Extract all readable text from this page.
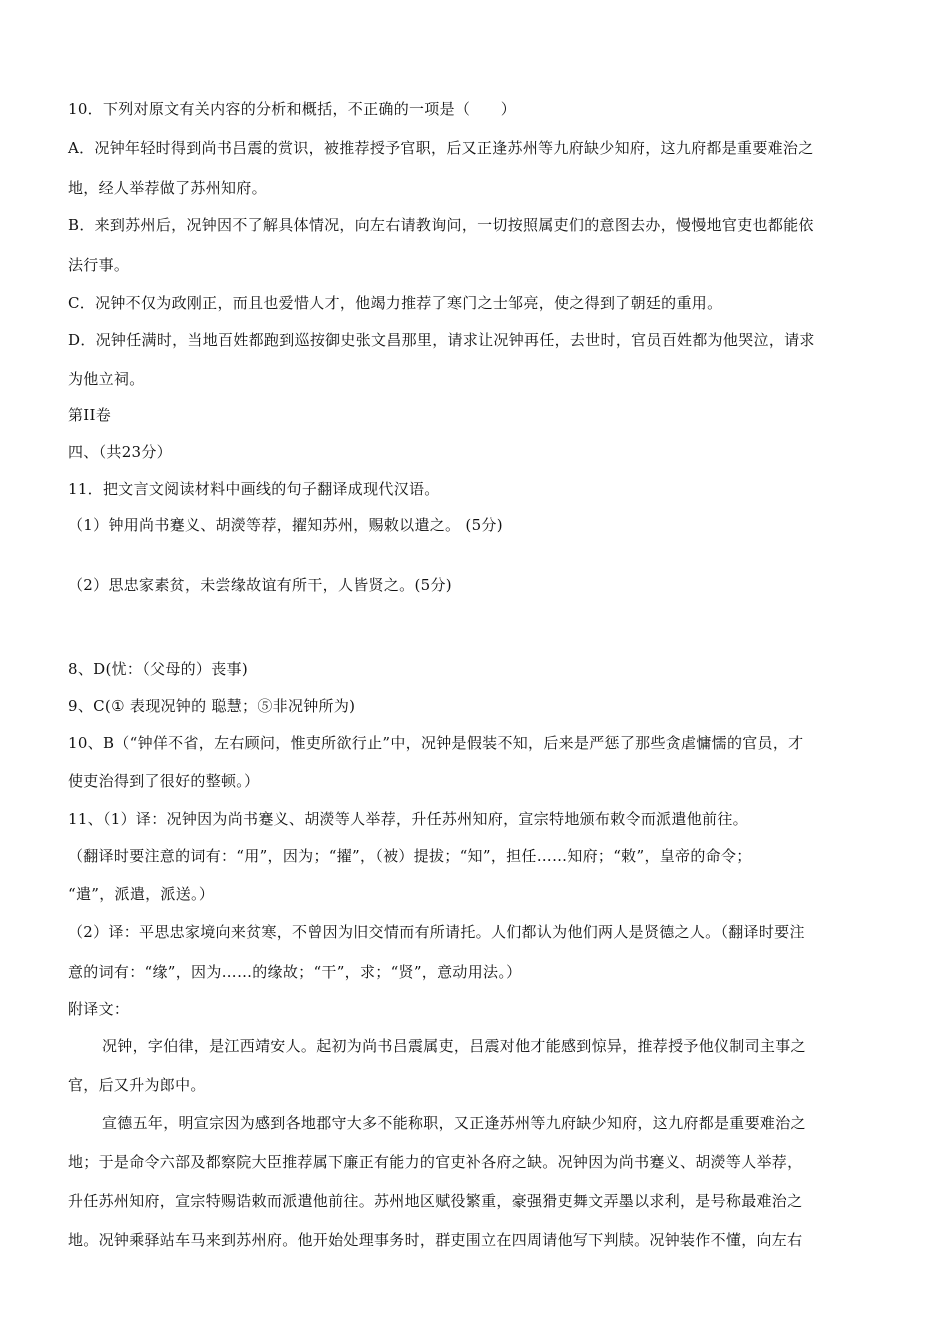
10．下列对原文有关内容的分析和概括，不正确的一项是（　　）
A．况钟年轻时得到尚书吕震的赏识，被推荐授予官职，后又正逢苏州等九府缺少知府，这九府都是重要难治之
地，经人举荐做了苏州知府。
B．来到苏州后，况钟因不了解具体情况，向左右请教询问，一切按照属吏们的意图去办，慢慢地官吏也都能依
法行事。
C．况钟不仅为政刚正，而且也爱惜人才，他竭力推荐了寒门之士邹亮，使之得到了朝廷的重用。
D．况钟任满时，当地百姓都跑到巡按御史张文昌那里，请求让况钟再任，去世时，官员百姓都为他哭泣，请求
为他立祠。
第II卷
四、（共23分）
11．把文言文阅读材料中画线的句子翻译成现代汉语。
（1）钟用尚书蹇义、胡濙等荐，擢知苏州，赐敕以遣之。 (5分)
（2）思忠家素贫，未尝缘故谊有所干，人皆贤之。(5分)
8、D(忧：（父母的）丧事)
9、C(① 表现况钟的 聪慧；⑤非况钟所为)
10、B（“钟佯不省，左右顾问，惟吏所欲行止”中，况钟是假装不知，后来是严惩了那些贪虐慵懦的官员，才
使吏治得到了很好的整顿。）
11、（1）译：况钟因为尚书蹇义、胡濙等人举荐，升任苏州知府，宣宗特地颁布敕令而派遣他前往。
（翻译时要注意的词有：“用”，因为；“擢”，（被）提拔；“知”，担任……知府；“敕”，皇帝的命令；
“遣”，派遣，派送。）
（2）译：平思忠家境向来贫寒，不曾因为旧交情而有所请托。人们都认为他们两人是贤德之人。（翻译时要注
意的词有：“缘”，因为……的缘故；“干”，求；“贤”，意动用法。）
附译文：
况钟，字伯律，是江西靖安人。起初为尚书吕震属吏，吕震对他才能感到惊异，推荐授予他仪制司主事之
官，后又升为郎中。
宣德五年，明宣宗因为感到各地郡守大多不能称职，又正逢苏州等九府缺少知府，这九府都是重要难治之
地；于是命令六部及都察院大臣推荐属下廉正有能力的官吏补各府之缺。况钟因为尚书蹇义、胡濙等人举荐，
升任苏州知府，宣宗特赐诰敕而派遣他前往。苏州地区赋役繁重，豪强猾吏舞文弄墨以求利，是号称最难治之
地。况钟乘驿站车马来到苏州府。他开始处理事务时，群吏围立在四周请他写下判牍。况钟装作不懂，向左右
